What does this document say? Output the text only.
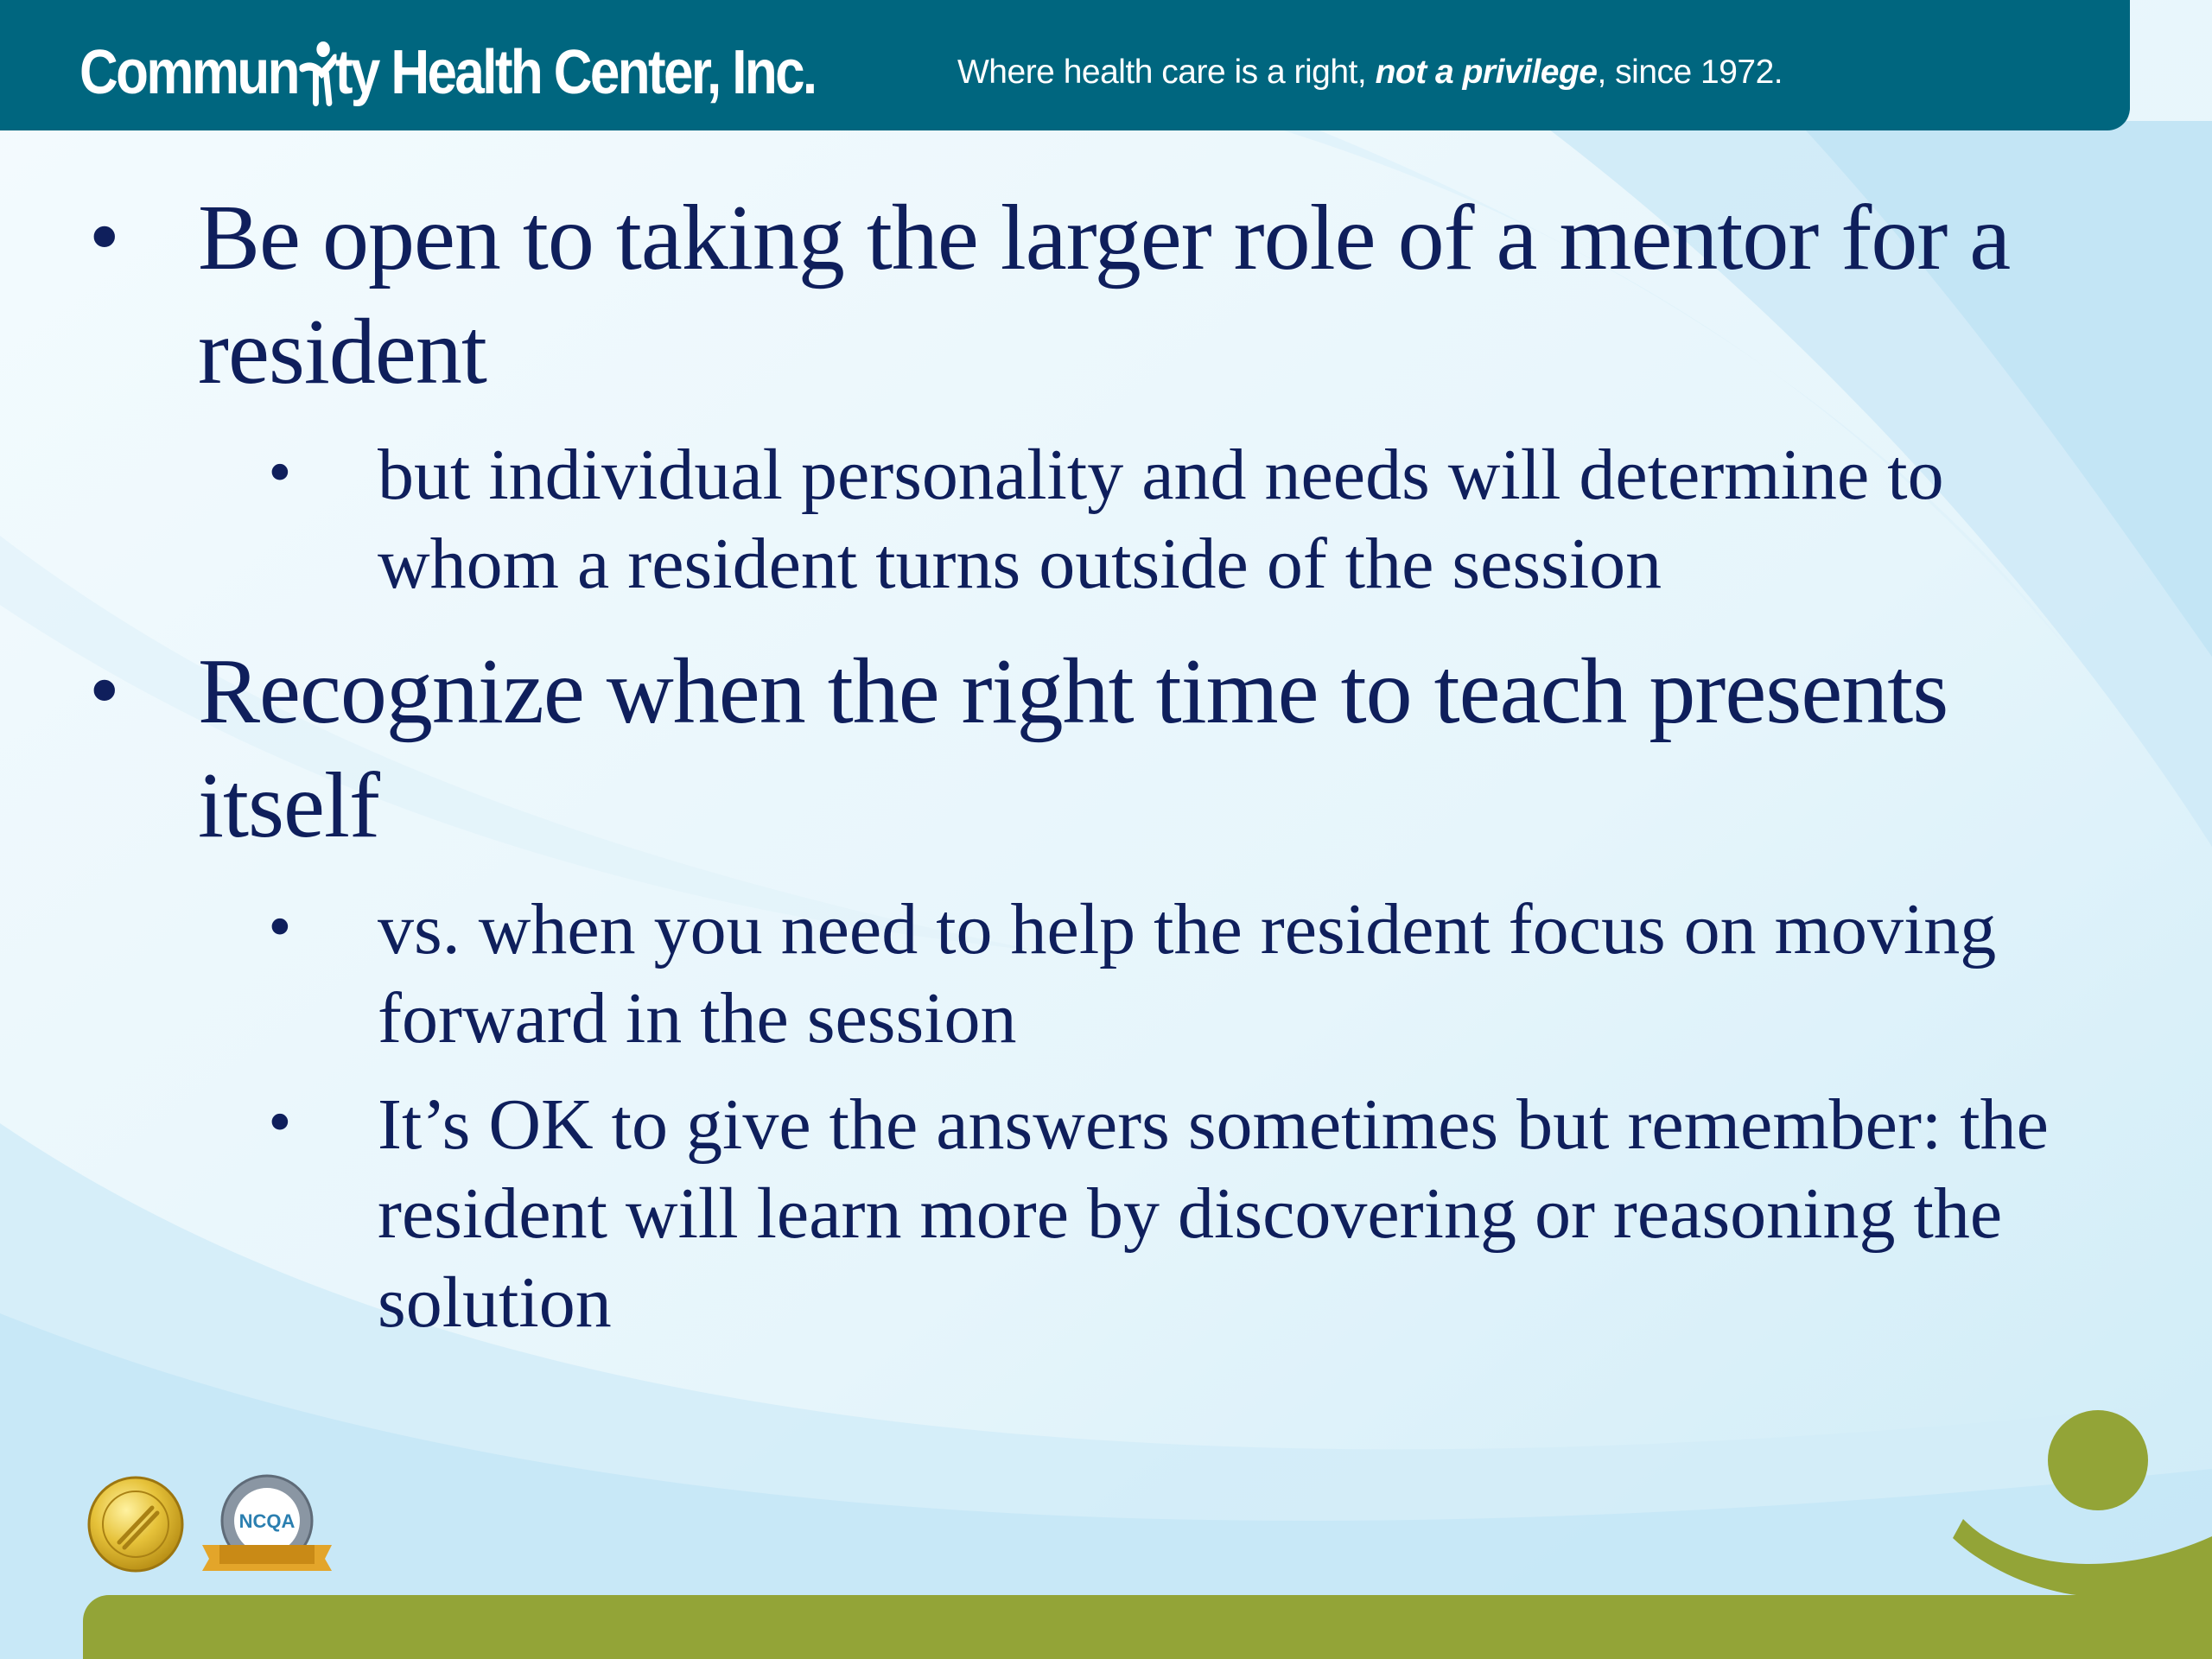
Commun ty Health Center, Inc.	Where health care is a right, not a privilege, since 1972.
• Be open to taking the larger role of a mentor for a resident
• but individual personality and needs will determine to whom a resident turns outside of the session
• Recognize when the right time to teach presents itself
• vs. when you need to help the resident focus on moving forward in the session
• It’s OK to give the answers sometimes but remember: the resident will learn more by discovering or reasoning the solution
NCQA
